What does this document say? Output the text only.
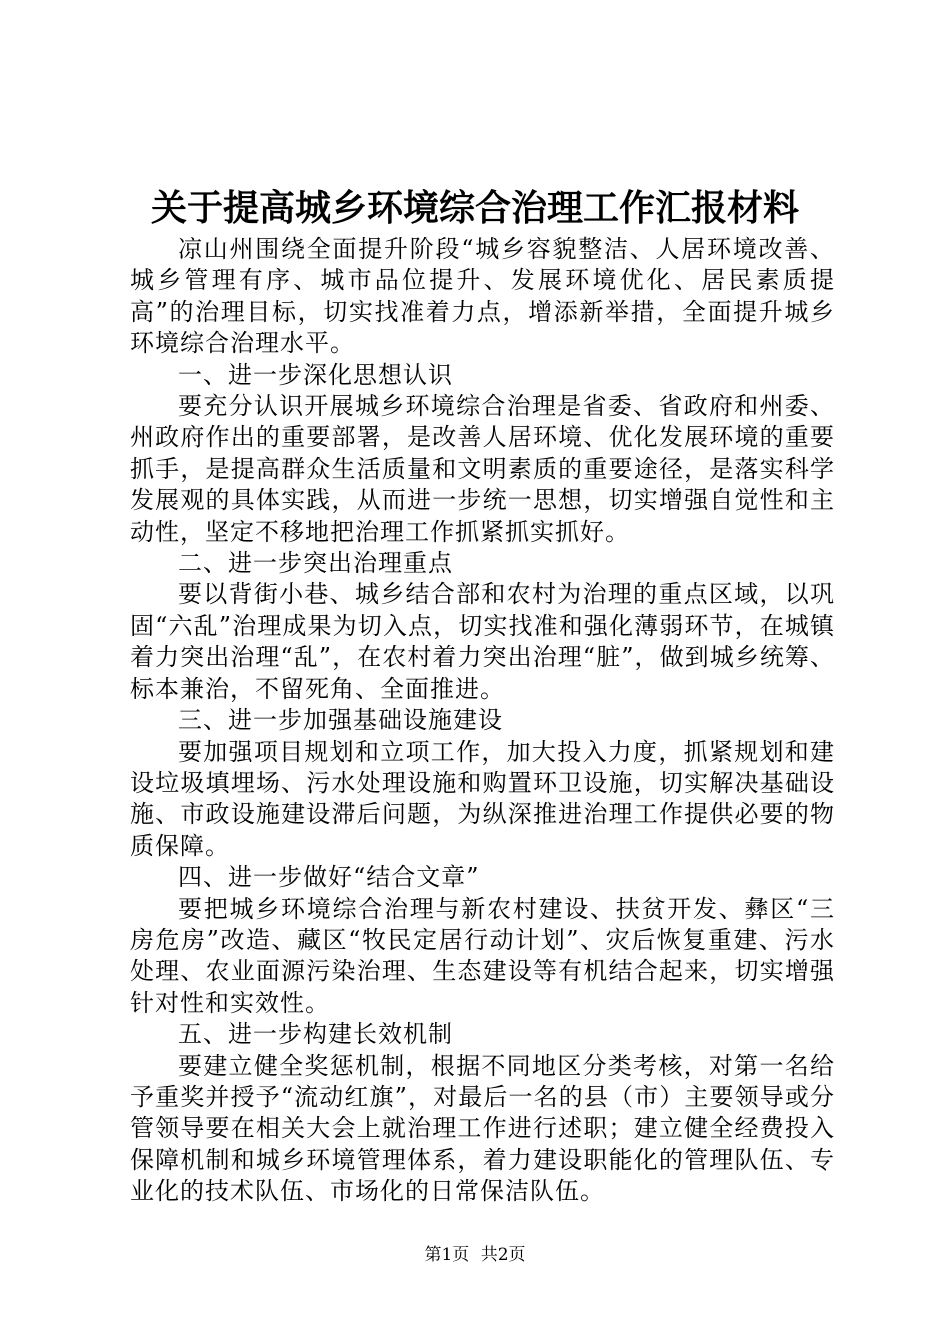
关于提高城乡环境综合治理工作汇报材料

凉山州围绕全面提升阶段“城乡容貌整洁、人居环境改善、城乡管理有序、城市品位提升、发展环境优化、居民素质提高”的治理目标，切实找准着力点，增添新举措，全面提升城乡环境综合治理水平。

一、进一步深化思想认识

要充分认识开展城乡环境综合治理是省委、省政府和州委、州政府作出的重要部署，是改善人居环境、优化发展环境的重要抓手，是提高群众生活质量和文明素质的重要途径，是落实科学发展观的具体实践，从而进一步统一思想，切实增强自觉性和主动性，坚定不移地把治理工作抓紧抓实抓好。

二、进一步突出治理重点

要以背街小巷、城乡结合部和农村为治理的重点区域，以巩固“六乱”治理成果为切入点，切实找准和强化薄弱环节，在城镇着力突出治理“乱”，在农村着力突出治理“脏”，做到城乡统筹、标本兼治，不留死角、全面推进。

三、进一步加强基础设施建设

要加强项目规划和立项工作，加大投入力度，抓紧规划和建设垃圾填埋场、污水处理设施和购置环卫设施，切实解决基础设施、市政设施建设滞后问题，为纵深推进治理工作提供必要的物质保障。

四、进一步做好“结合文章”

要把城乡环境综合治理与新农村建设、扶贫开发、彝区“三房危房”改造、藏区“牧民定居行动计划”、灾后恢复重建、污水处理、农业面源污染治理、生态建设等有机结合起来，切实增强针对性和实效性。

五、进一步构建长效机制

要建立健全奖惩机制，根据不同地区分类考核，对第一名给予重奖并授予“流动红旗”，对最后一名的县（市）主要领导或分管领导要在相关大会上就治理工作进行述职；建立健全经费投入保障机制和城乡环境管理体系，着力建设职能化的管理队伍、专业化的技术队伍、市场化的日常保洁队伍。

第1页 共2页
